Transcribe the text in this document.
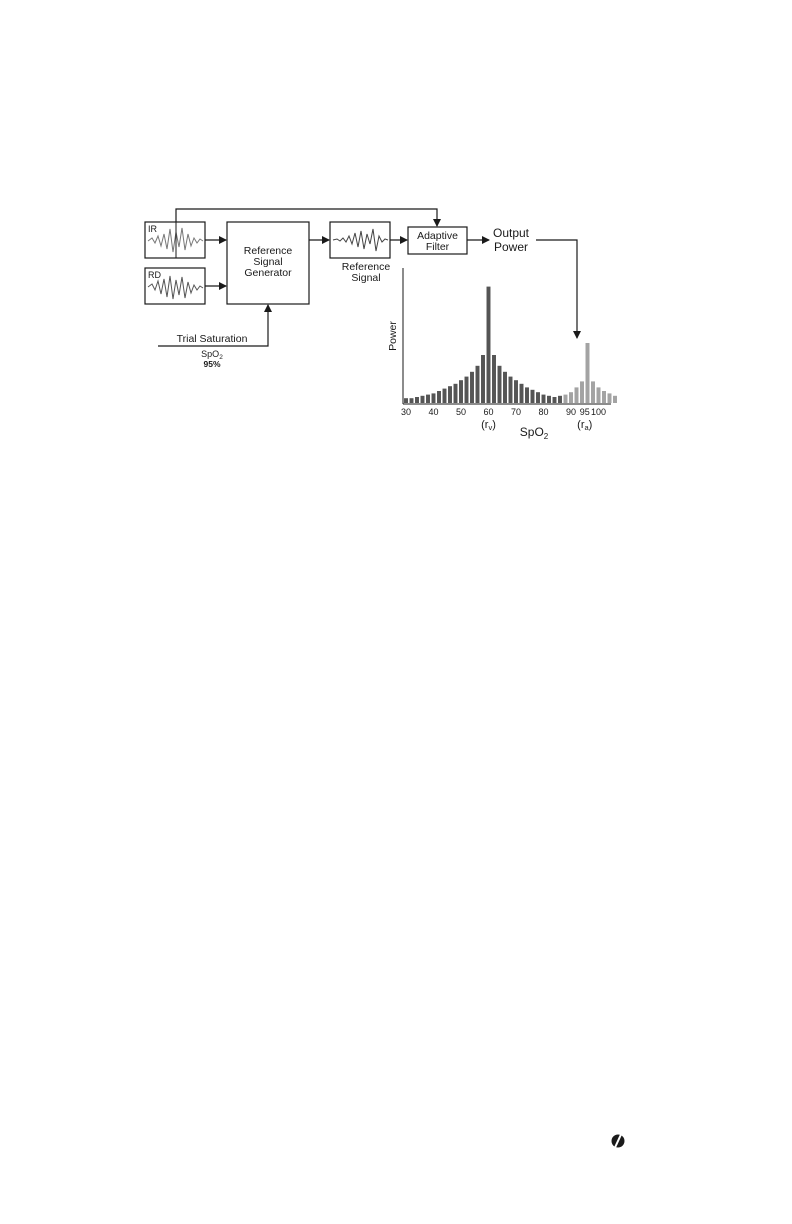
IR
RD
Reference
Signal
Generator	Reference
Signal
Adaptive
Filter
Output
Power
Trial Saturation
SpO$_2$
95%
Power
30 40 50 60 70 80 90 95 100
(rv)	(ra)
SpO$_2$
